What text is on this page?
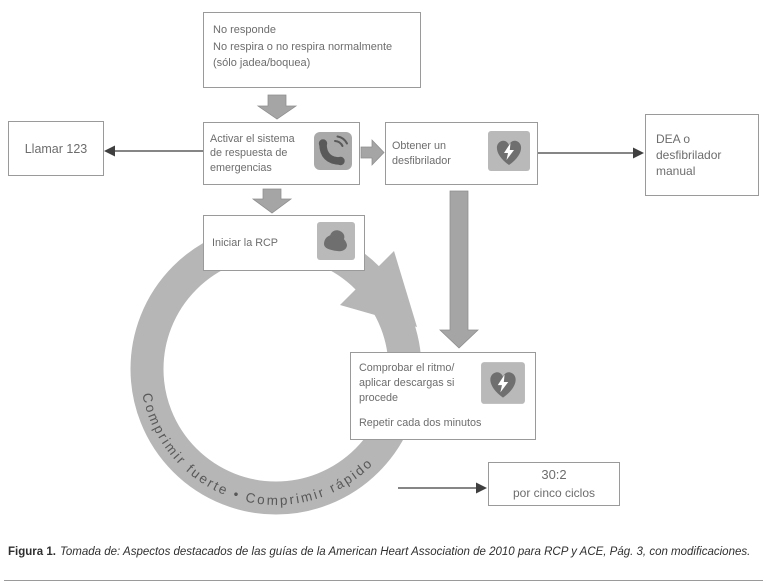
Comprimir fuerte • Comprimir rápido
No responde
No respira o no respira normalmente
(sólo jadea/boquea)
Llamar 123
Activar el sistema de respuesta de emergencias
Obtener un desfibrilador
DEA o desfibrilador manual
Iniciar la RCP
Comprobar el ritmo/
aplicar descargas si procede
Repetir cada dos minutos
30:2
por cinco ciclos
Figura 1. Tomada de: Aspectos destacados de las guías de la American Heart Association de 2010 para RCP y ACE, Pág. 3, con modificaciones.
